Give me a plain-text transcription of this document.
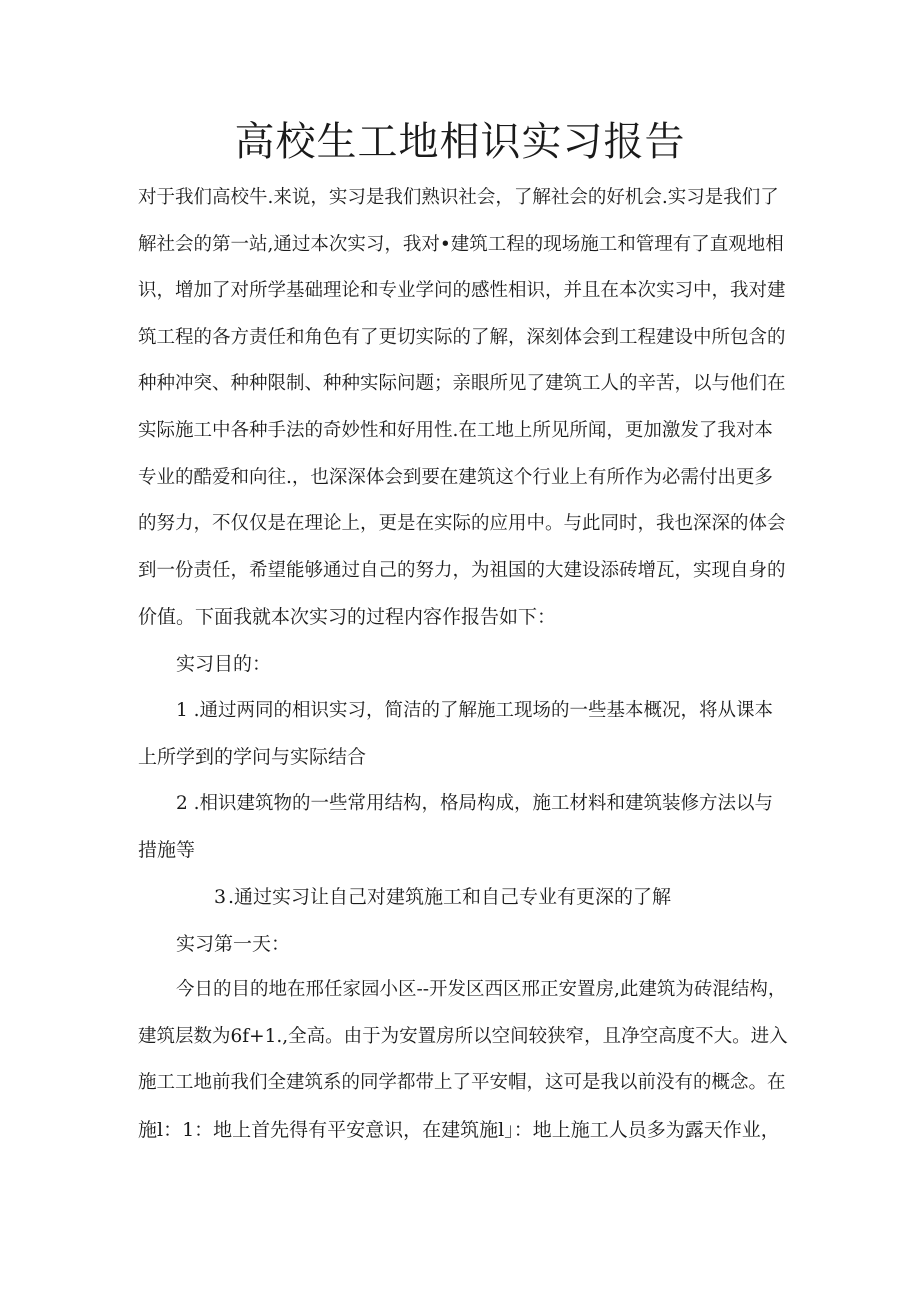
高校生工地相识实习报告

对于我们高校牛.来说，实习是我们熟识社会，了解社会的好机会.实习是我们了
解社会的第一站,通过本次实习，我对•建筑工程的现场施工和管理有了直观地相
识，增加了对所学基础理论和专业学问的感性相识，并且在本次实习中，我对建
筑工程的各方责任和角色有了更切实际的了解，深刻体会到工程建设中所包含的
种种冲突、种种限制、种种实际问题；亲眼所见了建筑工人的辛苦，以与他们在
实际施工中各种手法的奇妙性和好用性.在工地上所见所闻，更加激发了我对本
专业的酷爱和向往.，也深深体会到要在建筑这个行业上有所作为必需付出更多
的努力，不仅仅是在理论上，更是在实际的应用中。与此同时，我也深深的体会
到一份责任，希望能够通过自己的努力，为祖国的大建设添砖增瓦，实现自身的
价值。下面我就本次实习的过程内容作报告如下：

实习目的：

1 .通过两同的相识实习，简洁的了解施工现场的一些基本概况，将从课本
上所学到的学问与实际结合

2 .相识建筑物的一些常用结构，格局构成，施工材料和建筑装修方法以与
措施等

3 .通过实习让自己对建筑施工和自己专业有更深的了解

实习第一天：

今日的目的地在邢任家园小区--开发区西区邢正安置房,此建筑为砖混结构，
建筑层数为6f+1.,全高。由于为安置房所以空间较狭窄，且净空高度不大。进入
施工工地前我们全建筑系的同学都带上了平安帽，这可是我以前没有的概念。在
施l：1：地上首先得有平安意识，在建筑施l」：地上施工人员多为露天作业，
